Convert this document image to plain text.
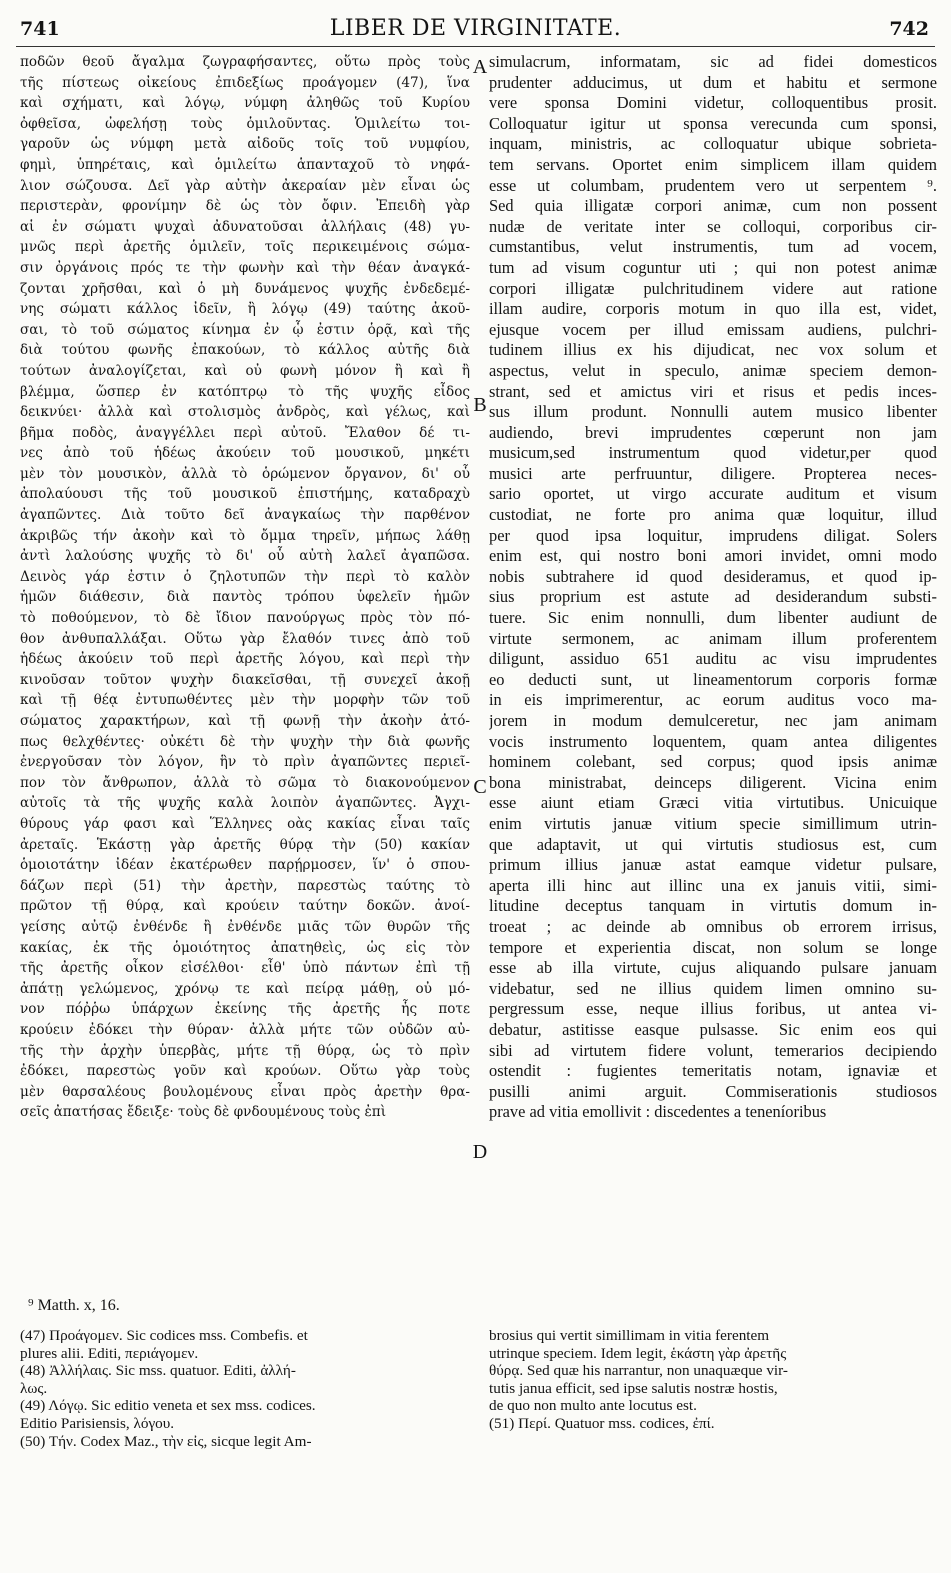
741	LIBER DE VIRGINITATE.	742
ποδῶν θεοῦ ἄγαλμα ζωγραφήσαντες, οὕτω πρὸς τοὺς
τῆς πίστεως οἰκείους ἐπιδεξίως προάγομεν (47), ἵνα
καὶ σχήματι, καὶ λόγῳ, νύμφη ἀληθῶς τοῦ Κυρίου
ὀφθεῖσα, ὠφελήσῃ τοὺς ὁμιλοῦντας. Ὁμιλείτω τοι-
γαροῦν ὡς νύμφη μετὰ αἰδοῦς τοῖς τοῦ νυμφίου,
φημὶ, ὑπηρέταις, καὶ ὁμιλείτω ἁπανταχοῦ τὸ νηφά-
λιον σώζουσα. Δεῖ γὰρ αὐτὴν ἀκεραίαν μὲν εἶναι ὡς
περιστερὰν, φρονίμην δὲ ὡς τὸν ὄφιν. Ἐπειδὴ γὰρ
αἱ ἐν σώματι ψυχαὶ ἀδυνατοῦσαι ἀλλήλαις (48) γυ-
μνῶς περὶ ἀρετῆς ὁμιλεῖν, τοῖς περικειμένοις σώμα-
σιν ὀργάνοις πρός τε τὴν φωνὴν καὶ τὴν θέαν ἀναγκά-
ζονται χρῆσθαι, καὶ ὁ μὴ δυνάμενος ψυχῆς ἐνδεδεμέ-
νης σώματι κάλλος ἰδεῖν, ἢ λόγῳ (49) ταύτης ἀκοῦ-
σαι, τὸ τοῦ σώματος κίνημα ἐν ᾧ ἐστιν ὁρᾷ, καὶ τῆς
διὰ τούτου φωνῆς ἐπακούων, τὸ κάλλος αὐτῆς διὰ
τούτων ἀναλογίζεται, καὶ οὐ φωνὴ μόνον ἢ καὶ ἢ
βλέμμα, ὥσπερ ἐν κατόπτρῳ τὸ τῆς ψυχῆς εἶδος
δεικνύει· ἀλλὰ καὶ στολισμὸς ἀνδρὸς, καὶ γέλως, καὶ
βῆμα ποδὸς, ἀναγγέλλει περὶ αὐτοῦ. Ἔλαθον δέ τι-
νες ἀπὸ τοῦ ἡδέως ἀκούειν τοῦ μουσικοῦ, μηκέτι
μὲν τὸν μουσικὸν, ἀλλὰ τὸ ὁρώμενον ὄργανον, δι' οὗ
ἀπολαύουσι τῆς τοῦ μουσικοῦ ἐπιστήμης, καταδραχὺ
ἀγαπῶντες. Διὰ τοῦτο δεῖ ἀναγκαίως τὴν παρθένον
ἀκριβῶς τήν ἀκοὴν καὶ τὸ ὄμμα τηρεῖν, μήπως λάθῃ
ἀντὶ λαλούσης ψυχῆς τὸ δι' οὗ αὐτὴ λαλεῖ ἀγαπῶσα.
Δεινὸς γάρ ἐστιν ὁ ζηλοτυπῶν τὴν περὶ τὸ καλὸν
ἡμῶν διάθεσιν, διὰ παντὸς τρόπου ὑφελεῖν ἡμῶν
τὸ ποθούμενον, τὸ δὲ ἴδιον πανούργως πρὸς τὸν πό-
θον ἀνθυπαλλάξαι. Οὕτω γὰρ ἔλαθόν τινες ἀπὸ τοῦ
ἡδέως ἀκούειν τοῦ περὶ ἀρετῆς λόγου, καὶ περὶ τὴν
κινοῦσαν τοῦτον ψυχὴν διακεῖσθαι, τῇ συνεχεῖ ἀκοῇ
καὶ τῇ θέᾳ ἐντυπωθέντες μὲν τὴν μορφὴν τῶν τοῦ
σώματος χαρακτήρων, καὶ τῇ φωνῇ τὴν ἀκοὴν ἀτό-
πως θελχθέντες· οὐκέτι δὲ τὴν ψυχὴν τὴν διὰ φωνῆς
ἐνεργοῦσαν τὸν λόγον, ἣν τὸ πρὶν ἀγαπῶντες περιεῖ-
πον τὸν ἄνθρωπον, ἀλλὰ τὸ σῶμα τὸ διακονούμενον
αὐτοῖς τὰ τῆς ψυχῆς καλὰ λοιπὸν ἀγαπῶντες. Ἀγχι-
θύρους γάρ φασι καὶ Ἕλληνες οὰς κακίας εἶναι ταῖς
ἀρεταῖς. Ἑκάστῃ γὰρ ἀρετῆς θύρᾳ τὴν (50) κακίαν
ὁμοιοτάτην ἰδέαν ἐκατέρωθεν παρῄρμοσεν, ἵν' ὁ σπου-
δάζων περὶ (51) τὴν ἀρετὴν, παρεστὼς ταύτης τὸ
πρῶτον τῇ θύρᾳ, καὶ κρούειν ταύτην δοκῶν. ἀνοί-
γείσης αὐτῷ ἐνθένδε ἢ ἐνθένδε μιᾶς τῶν θυρῶν τῆς
κακίας, ἐκ τῆς ὁμοιότητος ἀπατηθεὶς, ὡς εἰς τὸν
τῆς ἀρετῆς οἶκον εἰσέλθοι· εἶθ' ὑπὸ πάντων ἐπὶ τῇ
ἀπάτῃ γελώμενος, χρόνῳ τε καὶ πείρᾳ μάθῃ, οὐ μό-
νον πόῤῥω ὑπάρχων ἐκείνης τῆς ἀρετῆς ἧς ποτε
κρούειν ἐδόκει τὴν θύραν· ἀλλὰ μήτε τῶν οὐδῶν αὐ-
τῆς τὴν ἀρχὴν ὑπερβὰς, μήτε τῇ θύρᾳ, ὡς τὸ πρὶν
ἐδόκει, παρεστὼς γοῦν καὶ κρούων. Οὕτω γὰρ τοὺς
μὲν θαρσαλέους βουλομένους εἶναι πρὸς ἀρετὴν θρα-
σεῖς ἀπατήσας ἔδειξε· τοὺς δὲ φνδουμένους τοὺς ἐπὶ
simulacrum, informatam, sic ad fidei domesticos
prudenter adducimus, ut dum et habitu et sermone
vere sponsa Domini videtur, colloquentibus prosit.
Colloquatur igitur ut sponsa verecunda cum sponsi,
inquam, ministris, ac colloquatur ubique sobrieta-
tem servans. Oportet enim simplicem illam quidem
esse ut columbam, prudentem vero ut serpentem ⁹.
Sed quia illigatæ corpori animæ, cum non possent
nudæ de veritate inter se colloqui, corporibus cir-
cumstantibus, velut instrumentis, tum ad vocem,
tum ad visum coguntur uti ; qui non potest animæ
corpori illigatæ pulchritudinem videre aut ratione
illam audire, corporis motum in quo illa est, videt,
ejusque vocem per illud emissam audiens, pulchri-
tudinem illius ex his dijudicat, nec vox solum et
aspectus, velut in speculo, animæ speciem demon-
strant, sed et amictus viri et risus et pedis inces-
sus illum produnt. Nonnulli autem musico libenter
audiendo, brevi imprudentes cœperunt non jam
musicum,sed instrumentum quod videtur,per quod
musici arte perfruuntur, diligere. Propterea neces-
sario oportet, ut virgo accurate auditum et visum
custodiat, ne forte pro anima quæ loquitur, illud
per quod ipsa loquitur, imprudens diligat. Solers
enim est, qui nostro boni amori invidet, omni modo
nobis subtrahere id quod desideramus, et quod ip-
sius proprium est astute ad desiderandum substi-
tuere. Sic enim nonnulli, dum libenter audiunt de
virtute sermonem, ac animam illum proferentem
diligunt, assiduo 651 auditu ac visu imprudentes
eo deducti sunt, ut lineamentorum corporis formæ
in eis imprimerentur, ac eorum auditus voco ma-
jorem in modum demulceretur, nec jam animam
vocis instrumento loquentem, quam antea diligentes
hominem colebant, sed corpus; quod ipsis animæ
bona ministrabat, deinceps diligerent. Vicina enim
esse aiunt etiam Græci vitia virtutibus. Unicuique
enim virtutis januæ vitium specie simillimum utrin-
que adaptavit, ut qui virtutis studiosus est, cum
primum illius januæ astat eamque videtur pulsare,
aperta illi hinc aut illinc una ex januis vitii, simi-
litudine deceptus tanquam in virtutis domum in-
troeat ; ac deinde ab omnibus ob errorem irrisus,
tempore et experientia discat, non solum se longe
esse ab illa virtute, cujus aliquando pulsare januam
videbatur, sed ne illius quidem limen omnino su-
pergressum esse, neque illius foribus, ut antea vi-
debatur, astitisse easque pulsasse. Sic enim eos qui
sibi ad virtutem fidere volunt, temerarios decipiendo
ostendit : fugientes temeritatis notam, ignaviæ et
pusilli animi arguit. Commiserationis studiosos
prave ad vitia emollivit : discedentes a teneníoribus
A
B
C
D
⁹ Matth. x, 16.
(47) Προάγομεν. Sic codices mss. Combefis. et
plures alii. Editi, περιάγομεν.
(48) Ἀλλήλαις. Sic mss. quatuor. Editi, ἀλλή-
λως.
(49) Λόγῳ. Sic editio veneta et sex mss. codices.
Editio Parisiensis, λόγου.
(50) Τήν. Codex Maz., τὴν εἰς, sicque legit Am-
brosius qui vertit simillimam in vitia ferentem
utrinque speciem. Idem legit, ἑκάστη γὰρ ἀρετῆς
θύρᾳ. Sed quæ his narrantur, non unaquæque vir-
tutis janua efficit, sed ipse salutis nostræ hostis,
de quo non multo ante locutus est.
(51) Περί. Quatuor mss. codices, ἐπί.
